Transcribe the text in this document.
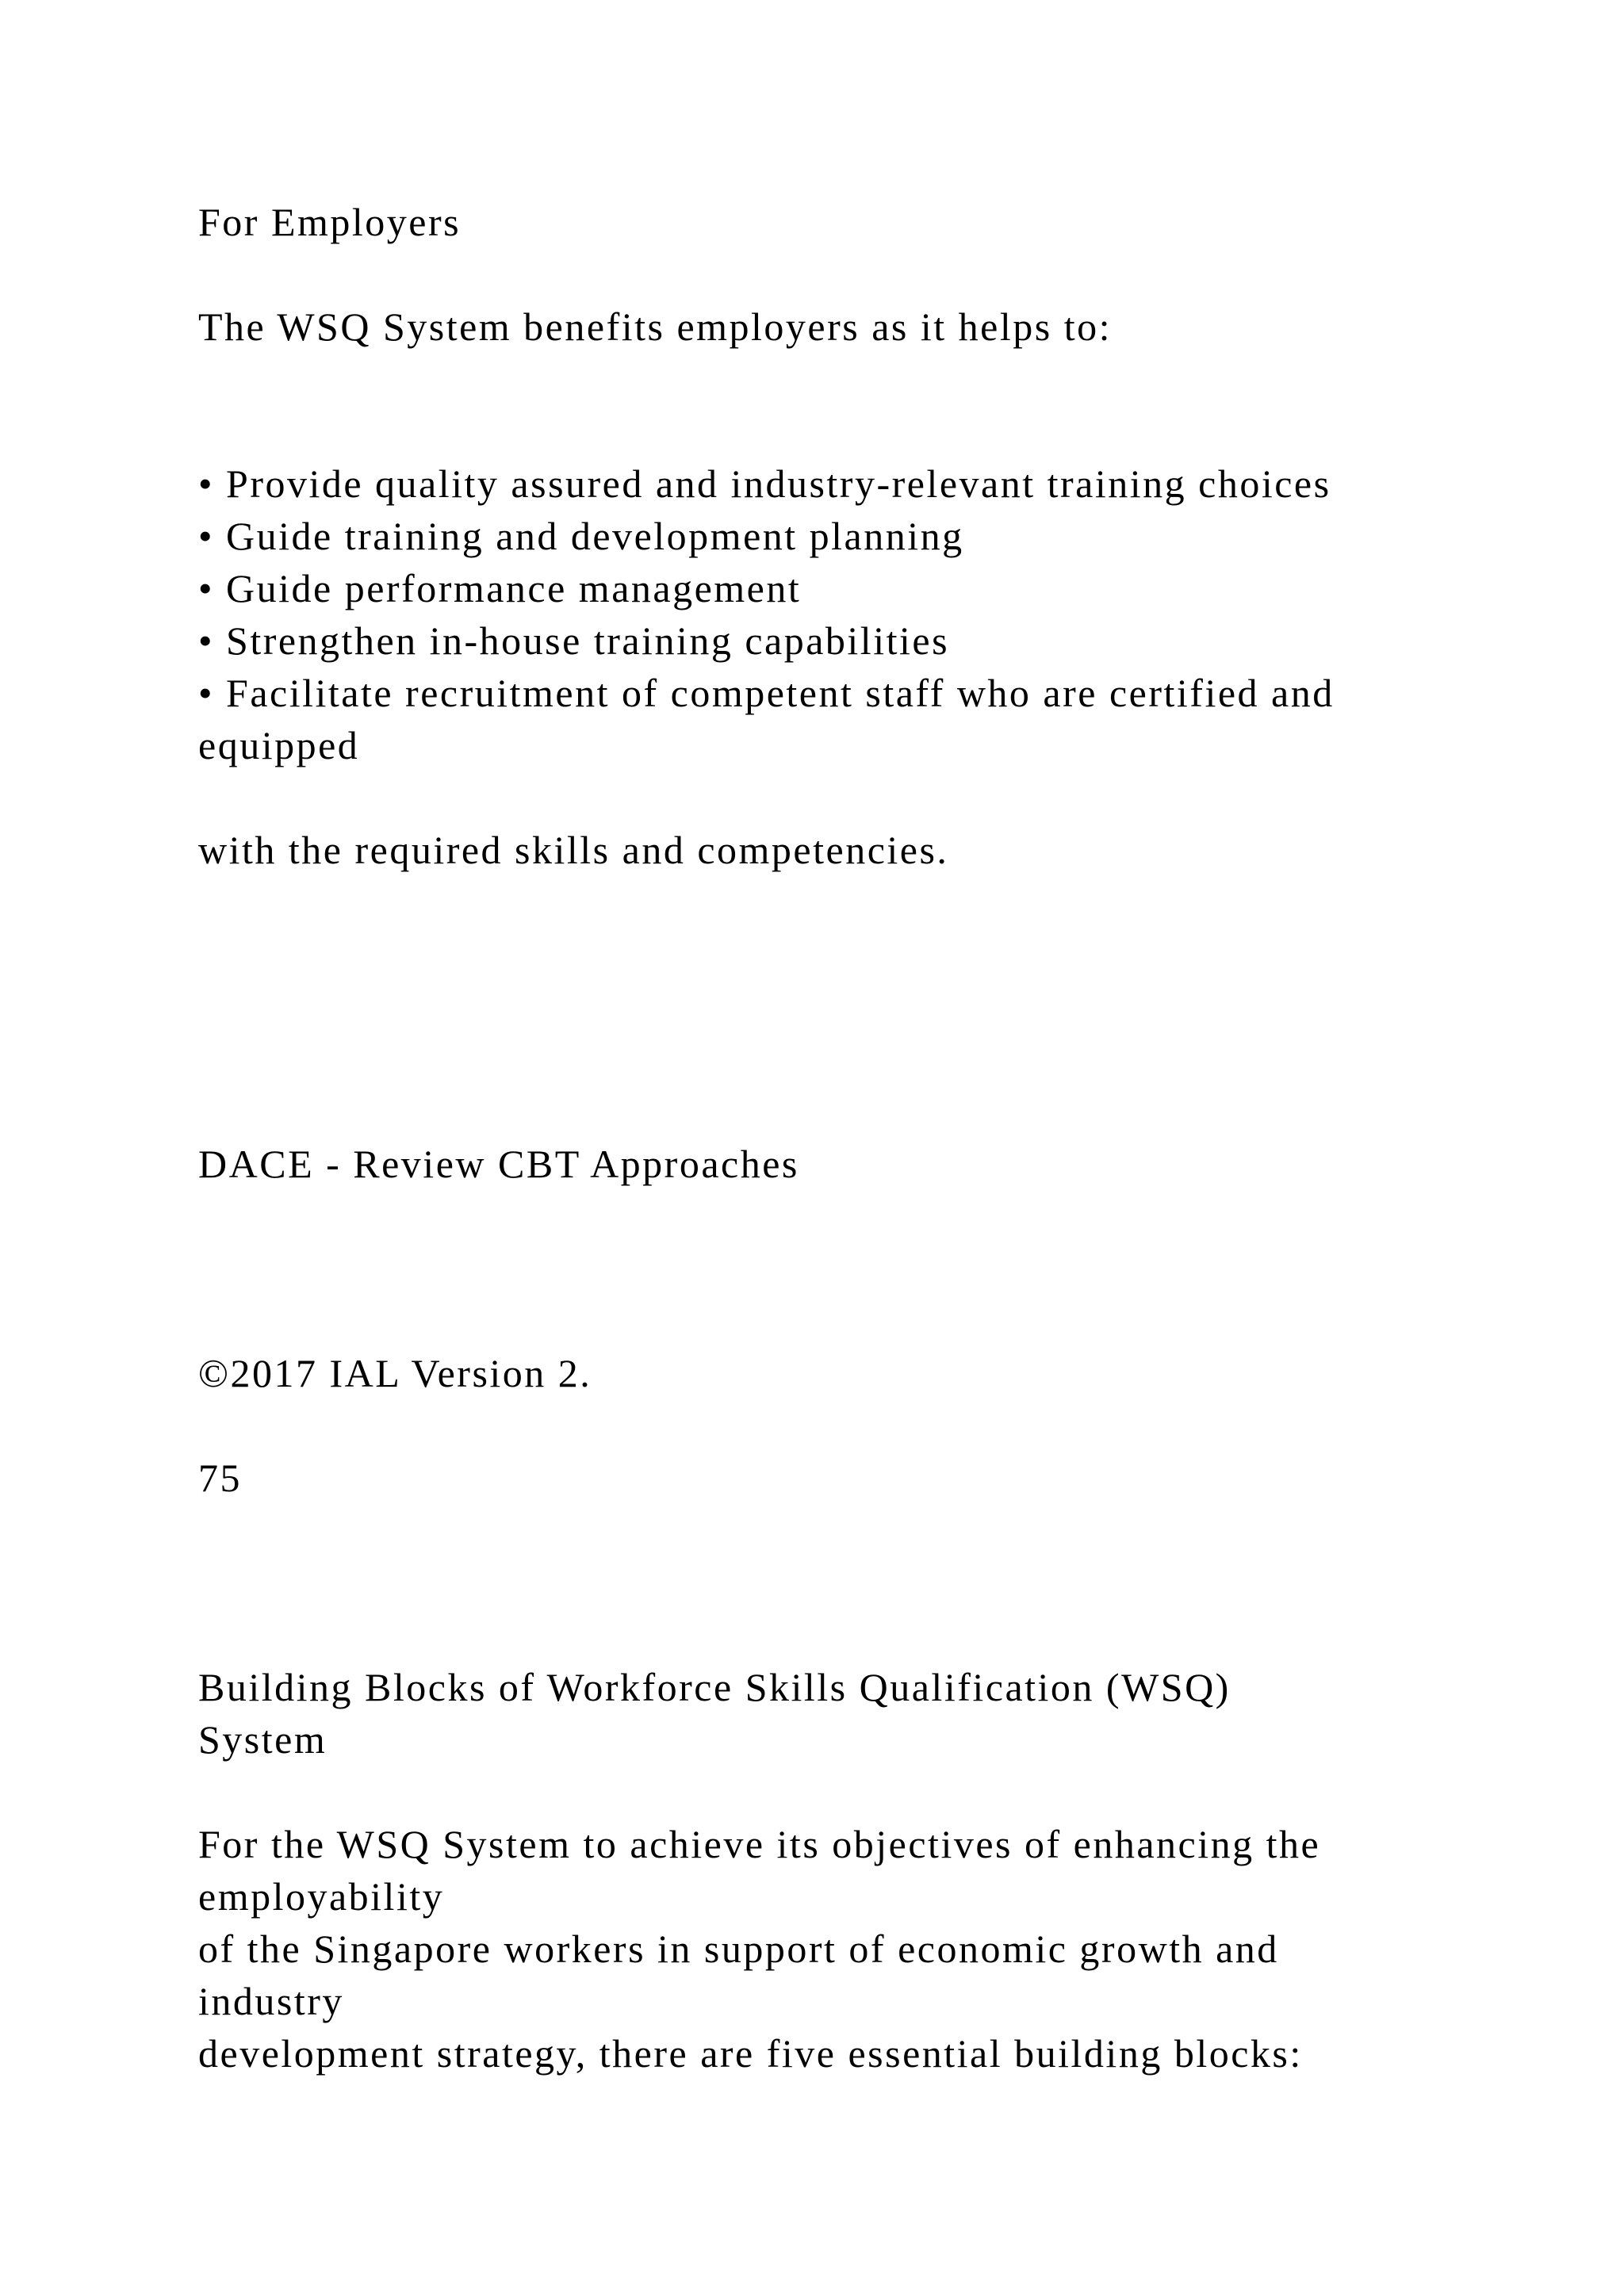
For Employers
The WSQ System benefits employers as it helps to:
• Provide quality assured and industry-relevant training choices
• Guide training and development planning
• Guide performance management
• Strengthen in-house training capabilities
• Facilitate recruitment of competent staff who are certified and
equipped
with the required skills and competencies.
DACE - Review CBT Approaches
©2017 IAL Version 2.
75
Building Blocks of Workforce Skills Qualification (WSQ)
System
For the WSQ System to achieve its objectives of enhancing the
employability
of the Singapore workers in support of economic growth and
industry
development strategy, there are five essential building blocks:
